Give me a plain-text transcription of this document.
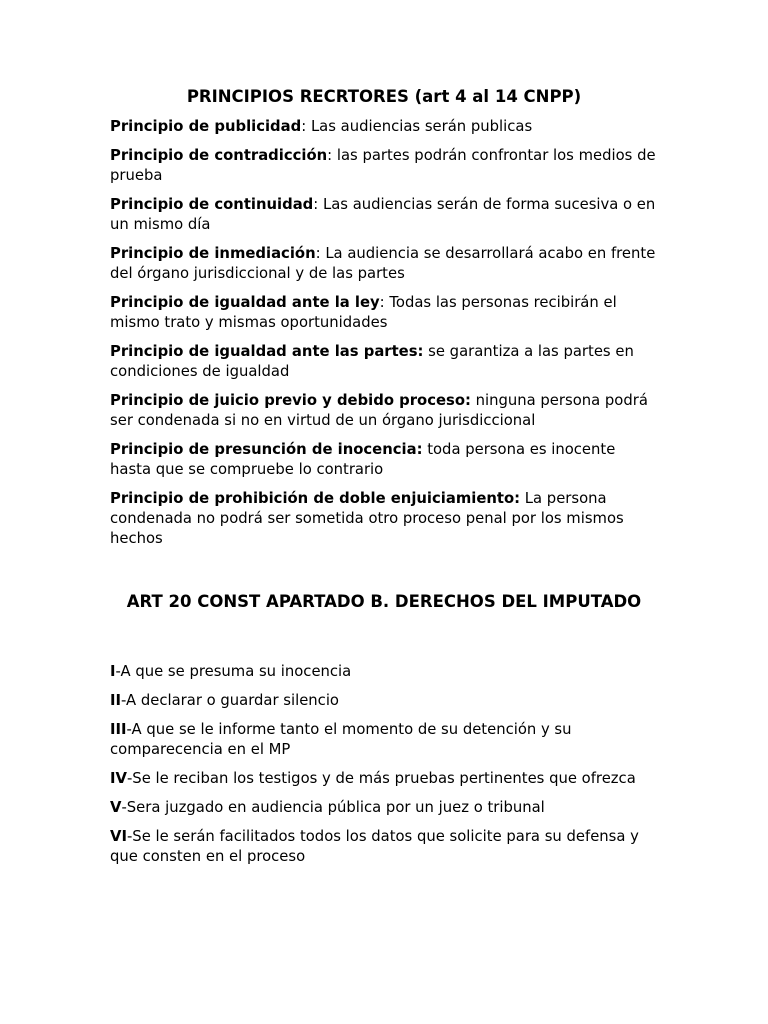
PRINCIPIOS RECRTORES (art 4 al 14 CNPP)

Principio de publicidad: Las audiencias serán publicas

Principio de contradicción: las partes podrán confrontar los medios de prueba

Principio de continuidad: Las audiencias serán de forma sucesiva o en un mismo día

Principio de inmediación: La audiencia se desarrollará acabo en frente del órgano jurisdiccional y de las partes

Principio de igualdad ante la ley: Todas las personas recibirán el mismo trato y mismas oportunidades

Principio de igualdad ante las partes: se garantiza a las partes en condiciones de igualdad

Principio de juicio previo y debido proceso: ninguna persona podrá ser condenada si no en virtud de un órgano jurisdiccional

Principio de presunción de inocencia: toda persona es inocente hasta que se compruebe lo contrario

Principio de prohibición de doble enjuiciamiento: La persona condenada no podrá ser sometida otro proceso penal por los mismos hechos

ART 20 CONST APARTADO B. DERECHOS DEL IMPUTADO

I-A que se presuma su inocencia

II-A declarar o guardar silencio

III-A que se le informe tanto el momento de su detención y su comparecencia en el MP

IV-Se le reciban los testigos y de más pruebas pertinentes que ofrezca

V-Sera juzgado en audiencia pública por un juez o tribunal

VI-Se le serán facilitados todos los datos que solicite para su defensa y que consten en el proceso
